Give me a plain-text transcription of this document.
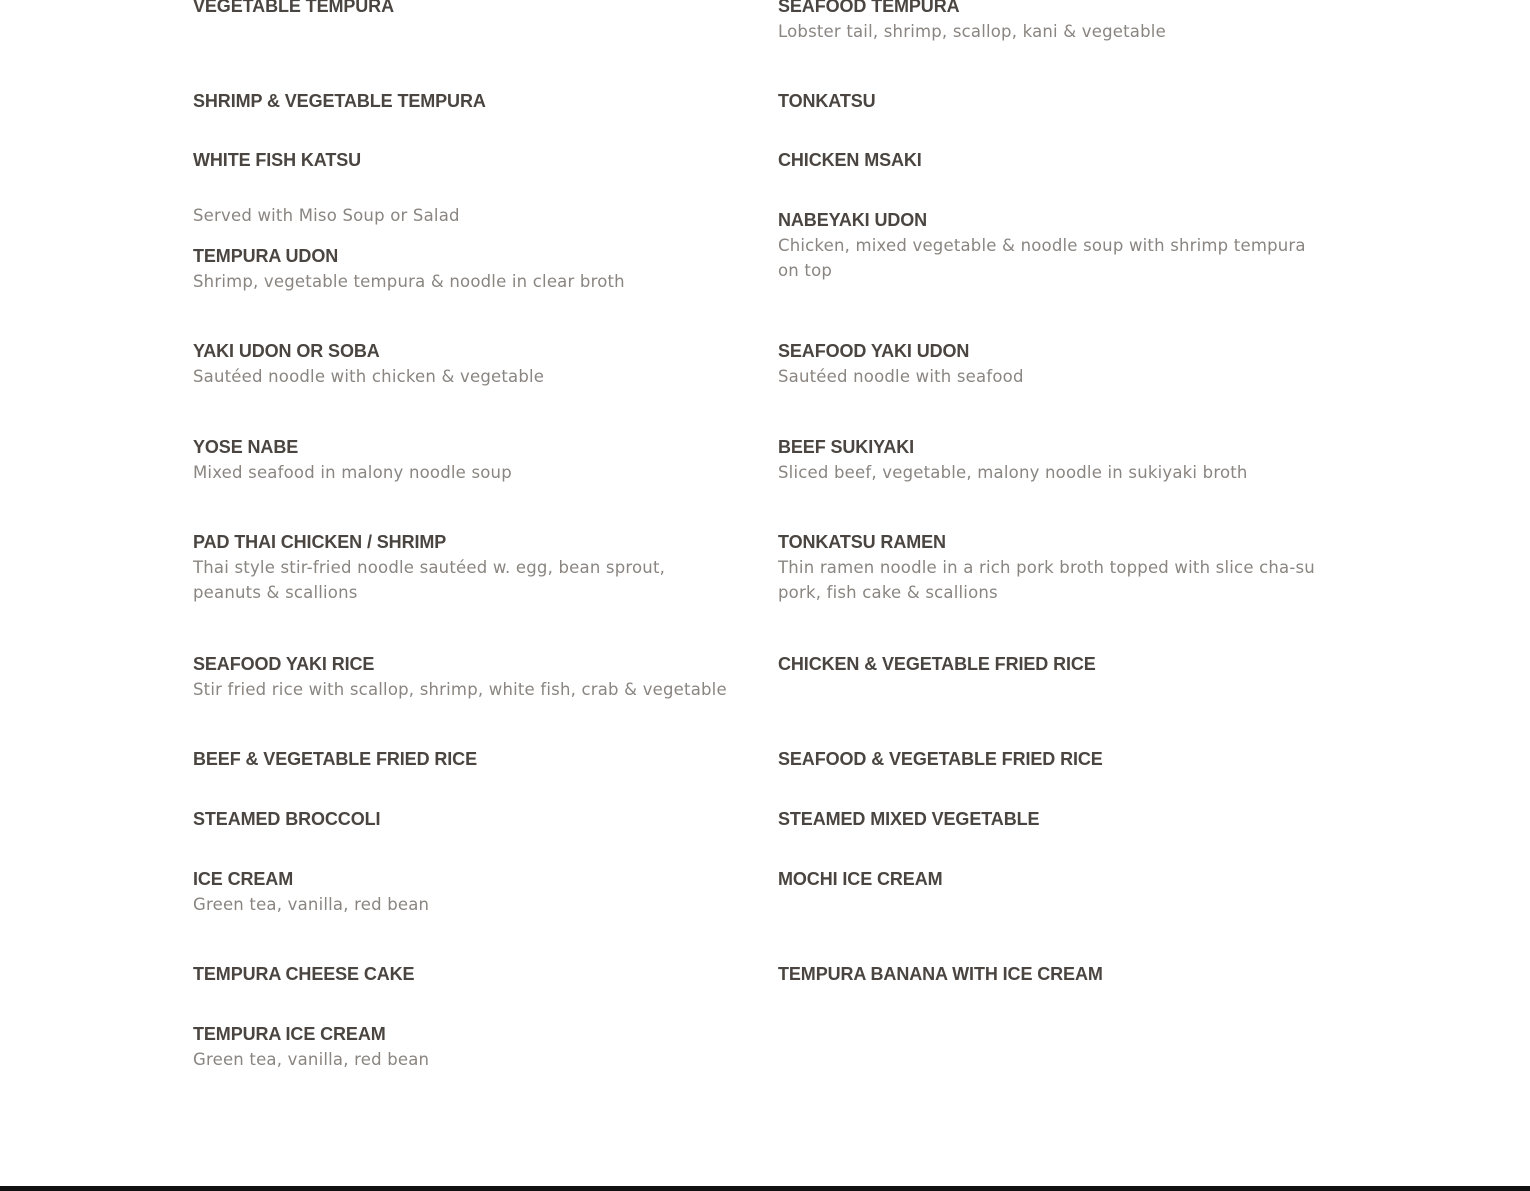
VEGETABLE TEMPURA	SEAFOOD TEMPURA

Lobster tail, shrimp, scallop, kani & vegetable

SHRIMP & VEGETABLE TEMPURA	TONKATSU

WHITE FISH KATSU	CHICKEN MSAKI

Served with Miso Soup or Salad

TEMPURA UDON

Shrimp, vegetable tempura & noodle in clear broth

NABEYAKI UDON

Chicken, mixed vegetable & noodle soup with shrimp tempura on top

YAKI UDON OR SOBA

Sautéed noodle with chicken & vegetable

SEAFOOD YAKI UDON

Sautéed noodle with seafood

YOSE NABE

Mixed seafood in malony noodle soup

BEEF SUKIYAKI

Sliced beef, vegetable, malony noodle in sukiyaki broth

PAD THAI CHICKEN / SHRIMP

Thai style stir-fried noodle sautéed w. egg, bean sprout, peanuts & scallions

TONKATSU RAMEN

Thin ramen noodle in a rich pork broth topped with slice cha-su pork, fish cake & scallions

SEAFOOD YAKI RICE

Stir fried rice with scallop, shrimp, white fish, crab & vegetable

CHICKEN & VEGETABLE FRIED RICE

BEEF & VEGETABLE FRIED RICE	SEAFOOD & VEGETABLE FRIED RICE

STEAMED BROCCOLI	STEAMED MIXED VEGETABLE

ICE CREAM

Green tea, vanilla, red bean

MOCHI ICE CREAM

TEMPURA CHEESE CAKE	TEMPURA BANANA WITH ICE CREAM

TEMPURA ICE CREAM

Green tea, vanilla, red bean
